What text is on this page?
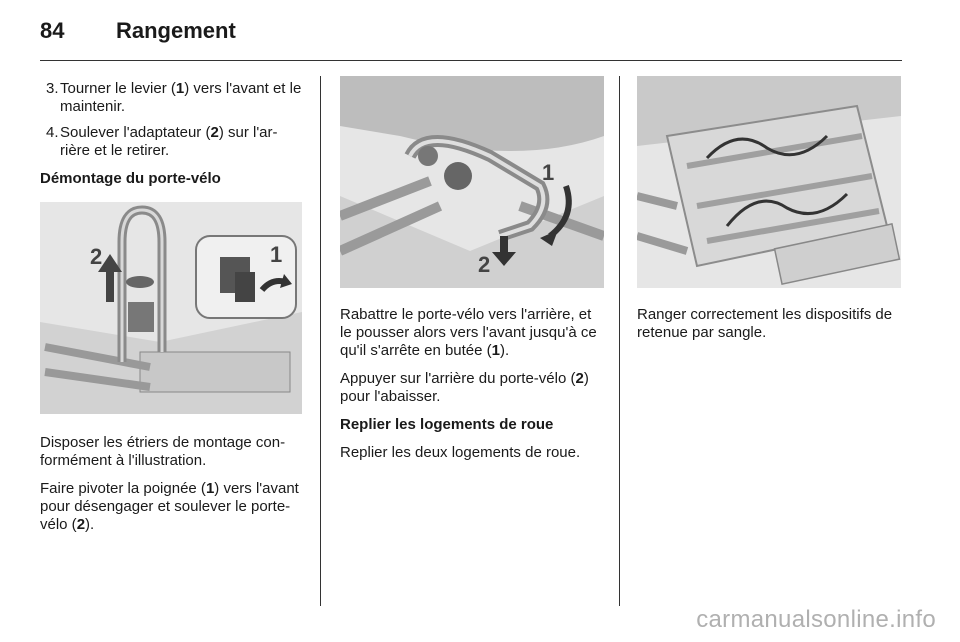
84 Rangement
3. Tourner le levier (1) vers l'avant et le maintenir.
4. Soulever l'adaptateur (2) sur l'ar-rière et le retirer.

Démontage du porte-vélo

2	1

Disposer les étriers de montage con-formément à l'illustration.

Faire pivoter la poignée (1) vers l'avant pour désengager et soulever le porte-vélo (2).

1
2

Rabattre le porte-vélo vers l'arrière, et le pousser alors vers l'avant jusqu'à ce qu'il s'arrête en butée (1).

Appuyer sur l'arrière du porte-vélo (2) pour l'abaisser.

Replier les logements de roue

Replier les deux logements de roue.

Ranger correctement les dispositifs de retenue par sangle.

carmanualsonline.info
